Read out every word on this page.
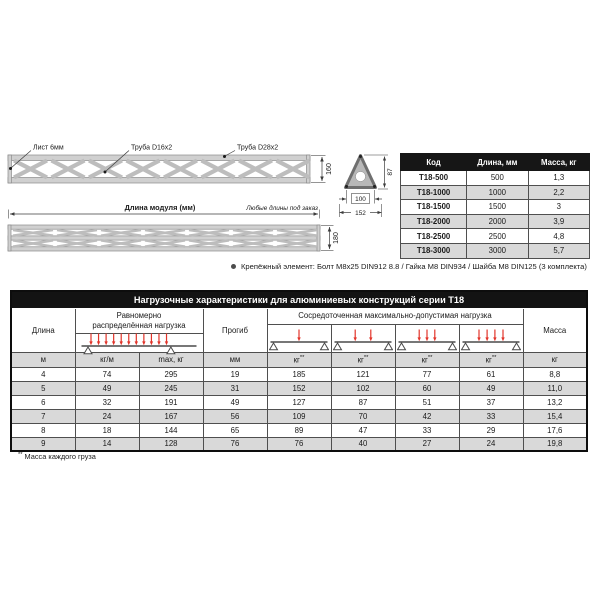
Лист 6мм	Труба D16x2	Труба D28x2
160
Длина модуля (мм)	Любые длины под заказ
180
87
100
152
Код	Длина, мм	Масса, кг
T18-500	500	1,3
T18-1000	1000	2,2
T18-1500	1500	3
T18-2000	2000	3,9
T18-2500	2500	4,8
T18-3000	3000	5,7
Крепёжный элемент: Болт M8x25 DIN912 8.8 / Гайка M8 DIN934 / Шайба M8 DIN125 (3 комплекта)
Нагрузочные характеристики для алюминиевых конструкций серии Т18								
Длина	Равномерно распределённая нагрузка		Прогиб	Сосредоточенная максимально-допустимая нагрузка				Масса
м	кг/м	max, кг	мм	кг**	кг**	кг**	кг**	кг
4	74	295	19	185	121	77	61	8,8
5	49	245	31	152	102	60	49	11,0
6	32	191	49	127	87	51	37	13,2
7	24	167	56	109	70	42	33	15,4
8	18	144	65	89	47	33	29	17,6
9	14	128	76	76	40	27	24	19,8
** Масса каждого груза
